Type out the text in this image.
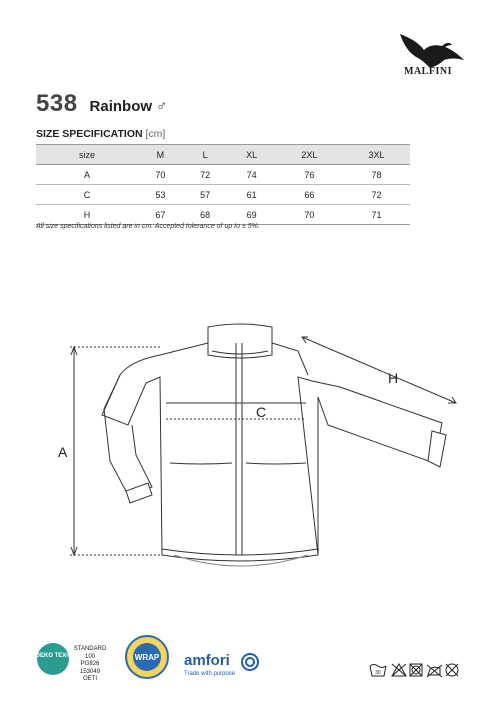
MALFINI
538 Rainbow ♂
SIZE SPECIFICATION [cm]
size	M	L	XL	2XL	3XL
A	70	72	74	76	78
C	53	57	61	66	72
H	67	68	69	70	71
All size specifications listed are in cm. Accepted tolerance of up to ± 5%.
A
C
H
OEKO TEX®
STANDARD 100
PG826 153049
OETI
WRAP amfori
Trade with purpose	30
